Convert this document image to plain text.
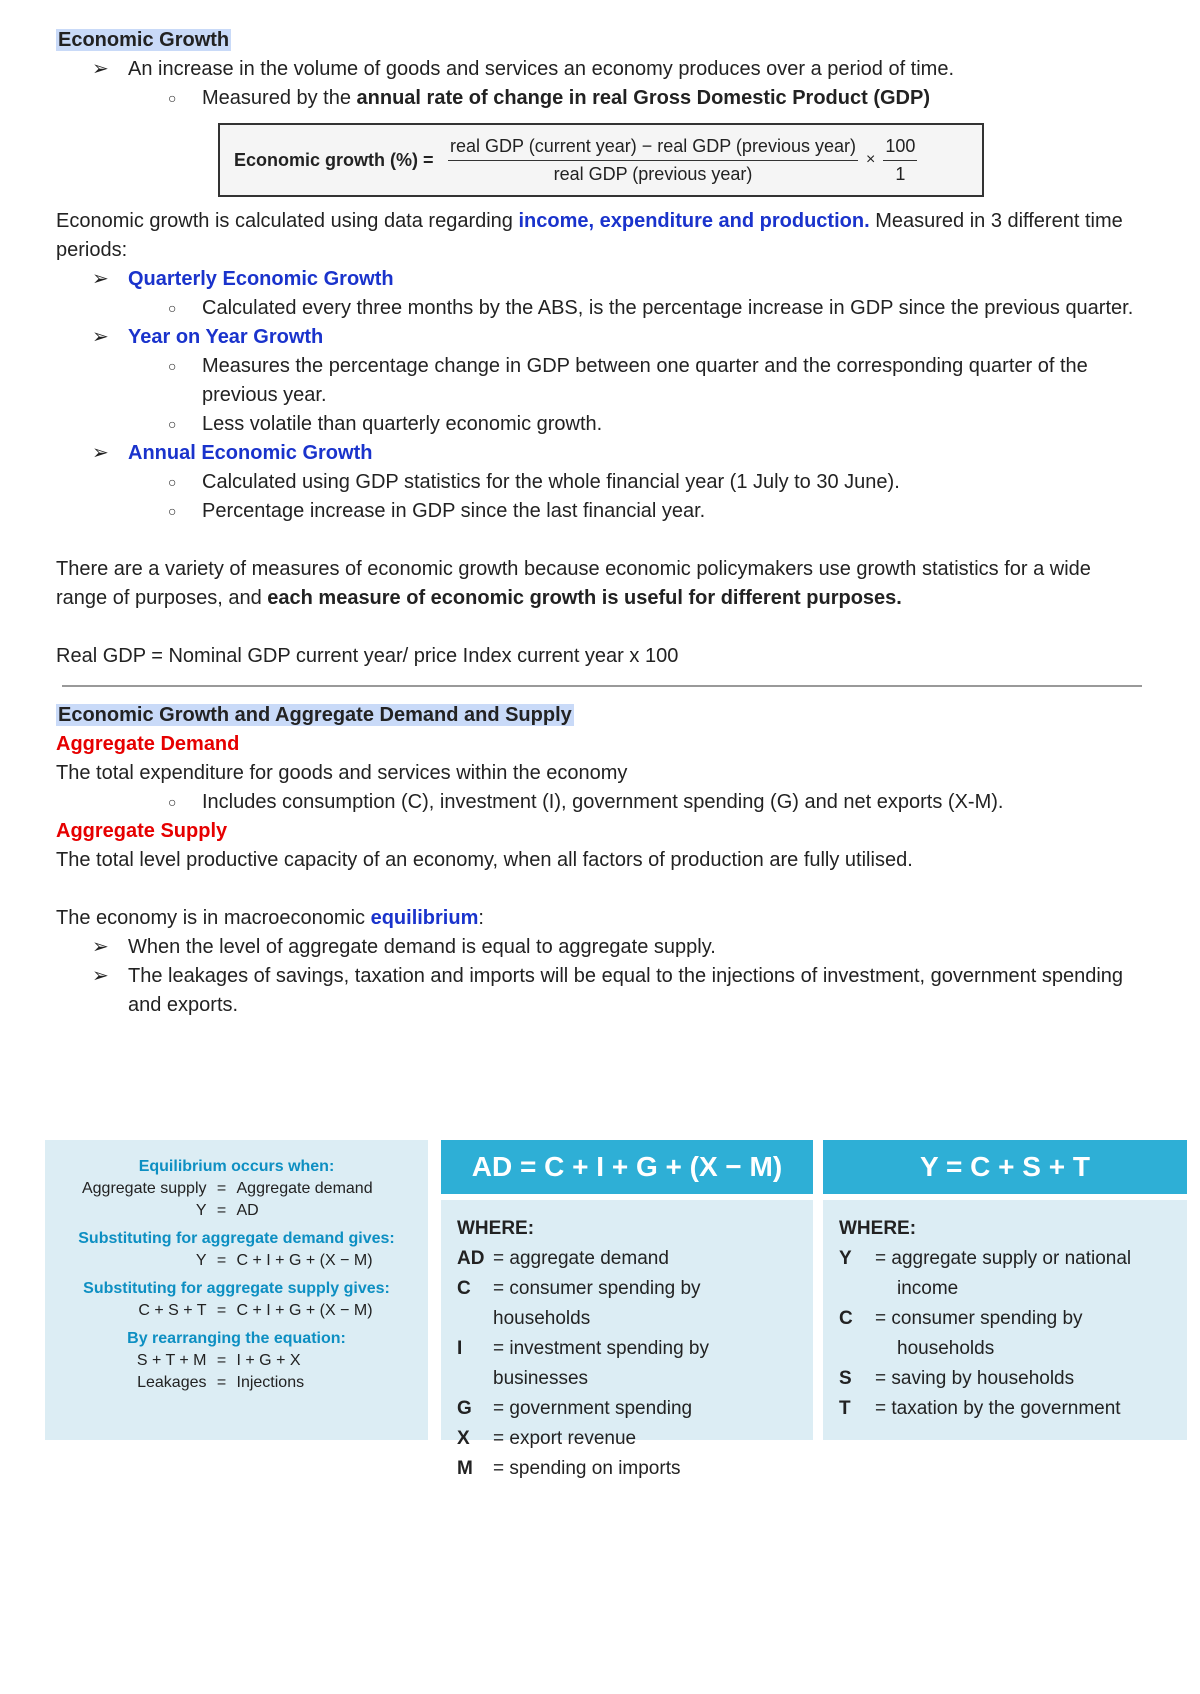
Economic Growth

➢ An increase in the volume of goods and services an economy produces over a period of time.
○	Measured by the annual rate of change in real Gross Domestic Product (GDP)
Economic growth (%) = $\frac{\text{real GDP (current year) − real GDP (previous year)}}{\text{real GDP (previous year)}} \times \frac{100}{1}$

Economic growth is calculated using data regarding income, expenditure and production. Measured in 3 different time periods:

➢ Quarterly Economic Growth
○	Calculated every three months by the ABS, is the percentage increase in GDP since the previous quarter.
➢ Year on Year Growth
○	Measures the percentage change in GDP between one quarter and the corresponding quarter of the previous year.
○	Less volatile than quarterly economic growth.
➢ Annual Economic Growth
○	Calculated using GDP statistics for the whole financial year (1 July to 30 June).
○	Percentage increase in GDP since the last financial year.

There are a variety of measures of economic growth because economic policymakers use growth statistics for a wide range of purposes, and each measure of economic growth is useful for different purposes.

Real GDP = Nominal GDP current year/ price Index current year x 100

Economic Growth and Aggregate Demand and Supply

Aggregate Demand

The total expenditure for goods and services within the economy

○	Includes consumption (C), investment (I), government spending (G) and net exports (X-M).

Aggregate Supply

The total level productive capacity of an economy, when all factors of production are fully utilised.

The economy is in macroeconomic equilibrium:

➢ When the level of aggregate demand is equal to aggregate supply.
➢ The leakages of savings, taxation and imports will be equal to the injections of investment, government spending and exports.
Equilibrium occurs when:
Aggregate supply = Aggregate demand
Y = AD
Substituting for aggregate demand gives:
Y = C + I + G + (X − M)
Substituting for aggregate supply gives:
C + S + T = C + I + G + (X − M)
By rearranging the equation:
S + T + M = I + G + X
Leakages = Injections
AD = C + I + G + (X − M)
WHERE:
AD = aggregate demand
C	= consumer spending by households
I	= investment spending by businesses
G	= government spending
X	= export revenue
M	= spending on imports
Y = C + S + T
WHERE:
Y	= aggregate supply or national
income
C	= consumer spending by
households
S	= saving by households
T	= taxation by the government
